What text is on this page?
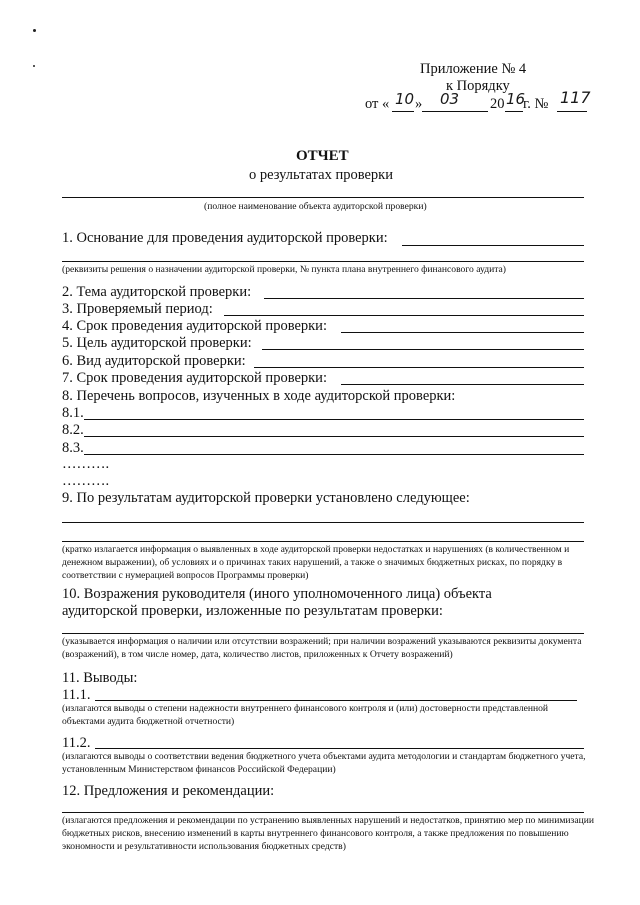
Приложение № 4
к Порядку
от « 10 » 03 20 16
г. № 117
ОТЧЕТ
о результатах проверки
(полное наименование объекта аудиторской проверки)
1. Основание для проведения аудиторской проверки:
(реквизиты решения о назначении аудиторской проверки, № пункта плана внутреннего финансового аудита)
2. Тема аудиторской проверки:
3. Проверяемый период:
4. Срок проведения аудиторской проверки:
5. Цель аудиторской проверки:
6. Вид аудиторской проверки:
7. Срок проведения аудиторской проверки:
8. Перечень вопросов, изученных в ходе аудиторской проверки:
8.1.
8.2.
8.3.
……….
……….
9. По результатам аудиторской проверки установлено следующее:
(кратко излагается информация о выявленных в ходе аудиторской проверки недостатках и нарушениях (в количественном и денежном выражении), об условиях и о причинах таких нарушений, а также о значимых бюджетных рисках, по порядку в соответствии с нумерацией вопросов Программы проверки)
10. Возражения руководителя (иного уполномоченного лица) объекта
аудиторской проверки, изложенные по результатам проверки:
(указывается информация о наличии или отсутствии возражений; при наличии возражений указываются реквизиты документа (возражений), в том числе номер, дата, количество листов, приложенных к Отчету возражений)
11. Выводы:
11.1.
(излагаются выводы о степени надежности внутреннего финансового контроля и (или) достоверности представленной объектами аудита бюджетной отчетности)
11.2.
(излагаются выводы о соответствии ведения бюджетного учета объектами аудита методологии и стандартам бюджетного учета, установленным Министерством финансов Российской Федерации)
12. Предложения и рекомендации:
(излагаются предложения и рекомендации по устранению выявленных нарушений и недостатков, принятию мер по минимизации бюджетных рисков, внесению изменений в карты внутреннего финансового контроля, а также предложения по повышению экономности и результативности использования бюджетных средств)
